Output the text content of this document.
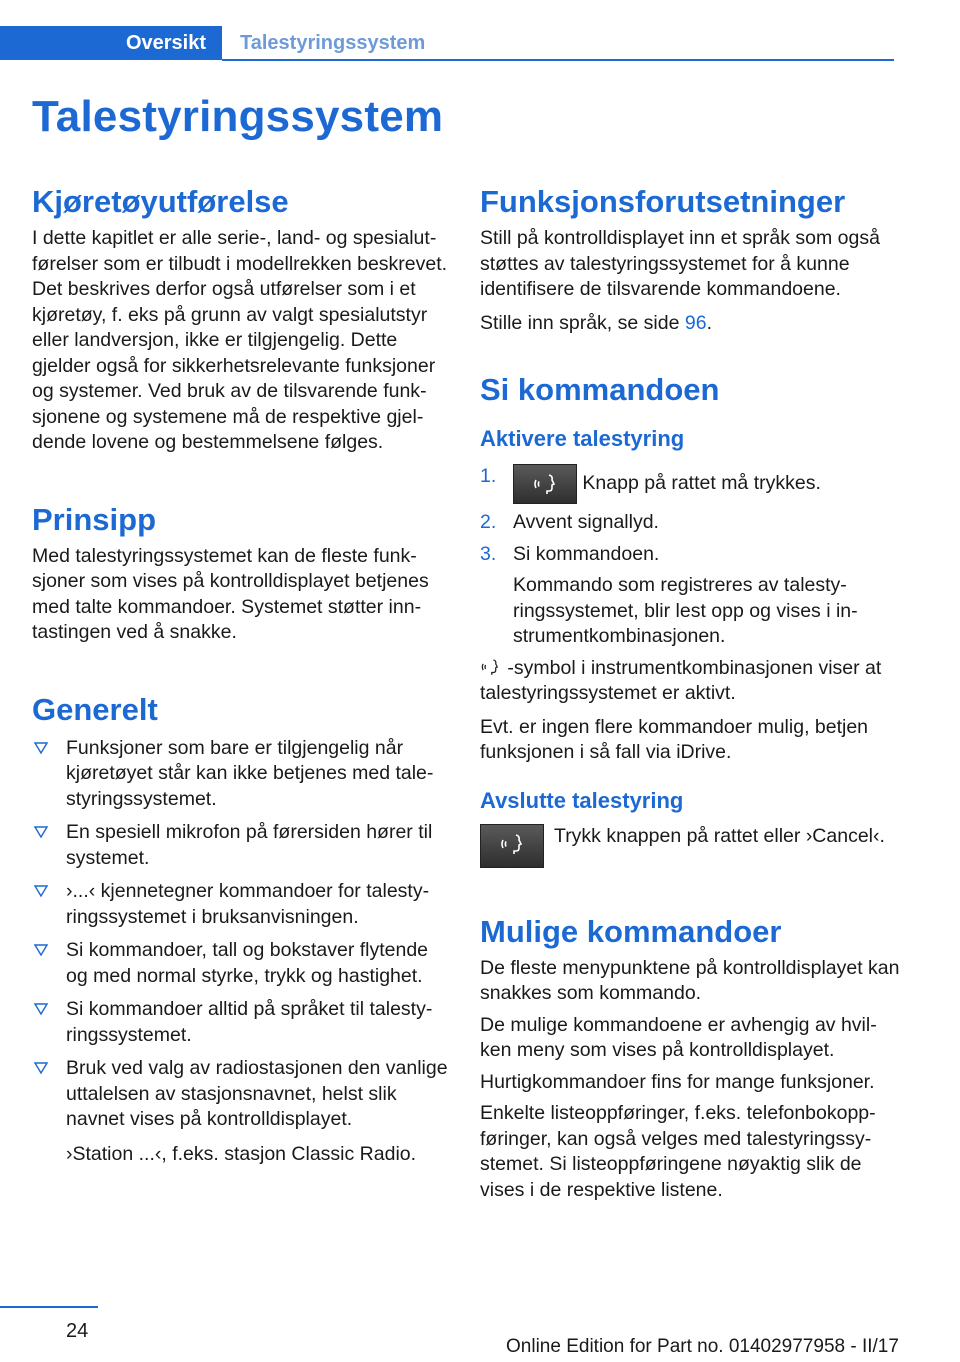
Oversikt	Talestyringssystem
Talestyringssystem
Kjøretøyutførelse

I dette kapitlet er alle serie-, land- og spesialutførelser som er tilbudt i modellrekken beskrevet. Det beskrives derfor også utførelser som i et kjøretøy, f. eks på grunn av valgt spesialutstyr eller landversjon, ikke er tilgjengelig. Dette gjelder også for sikkerhetsrelevante funksjoner og systemer. Ved bruk av de tilsvarende funksjonene og systemene må de respektive gjeldende lovene og bestemmelsene følges.

Prinsipp

Med talestyringssystemet kan de fleste funksjoner som vises på kontrolldisplayet betjenes med talte kommandoer. Systemet støtter inntastingen ved å snakke.

Generelt
Funksjoner som bare er tilgjengelig når kjøretøyet står kan ikke betjenes med talestyringssystemet.
En spesiell mikrofon på førersiden hører til systemet.
›...‹ kjennetegner kommandoer for talestyringssystemet i bruksanvisningen.
Si kommandoer, tall og bokstaver flytende og med normal styrke, trykk og hastighet.
Si kommandoer alltid på språket til talestyringssystemet.
Bruk ved valg av radiostasjonen den vanlige uttalelsen av stasjonsnavnet, helst slik navnet vises på kontrolldisplayet.
›Station ...‹, f.eks. stasjon Classic Radio.
Funksjonsforutsetninger

Still på kontrolldisplayet inn et språk som også støttes av talestyringssystemet for å kunne identifisere de tilsvarende kommandoene.

Stille inn språk, se side 96.

Si kommandoen
Aktivere talestyring
1.	Knapp på rattet må trykkes.
2. Avvent signallyd.
3. Si kommandoen.
Kommando som registreres av talestyringssystemet, blir lest opp og vises i instrumentkombinasjonen.

-symbol i instrumentkombinasjonen viser at talestyringssystemet er aktivt.

Evt. er ingen flere kommandoer mulig, betjen funksjonen i så fall via iDrive.

Avslutte talestyring

Trykk knappen på rattet eller ›Cancel‹.

Mulige kommandoer

De fleste menypunktene på kontrolldisplayet kan snakkes som kommando.

De mulige kommandoene er avhengig av hvilken meny som vises på kontrolldisplayet.

Hurtigkommandoer fins for mange funksjoner.

Enkelte listeoppføringer, f.eks. telefonbokoppføringer, kan også velges med talestyringssystemet. Si listeoppføringene nøyaktig slik de vises i de respektive listene.

24
Online Edition for Part no. 01402977958 - II/17
